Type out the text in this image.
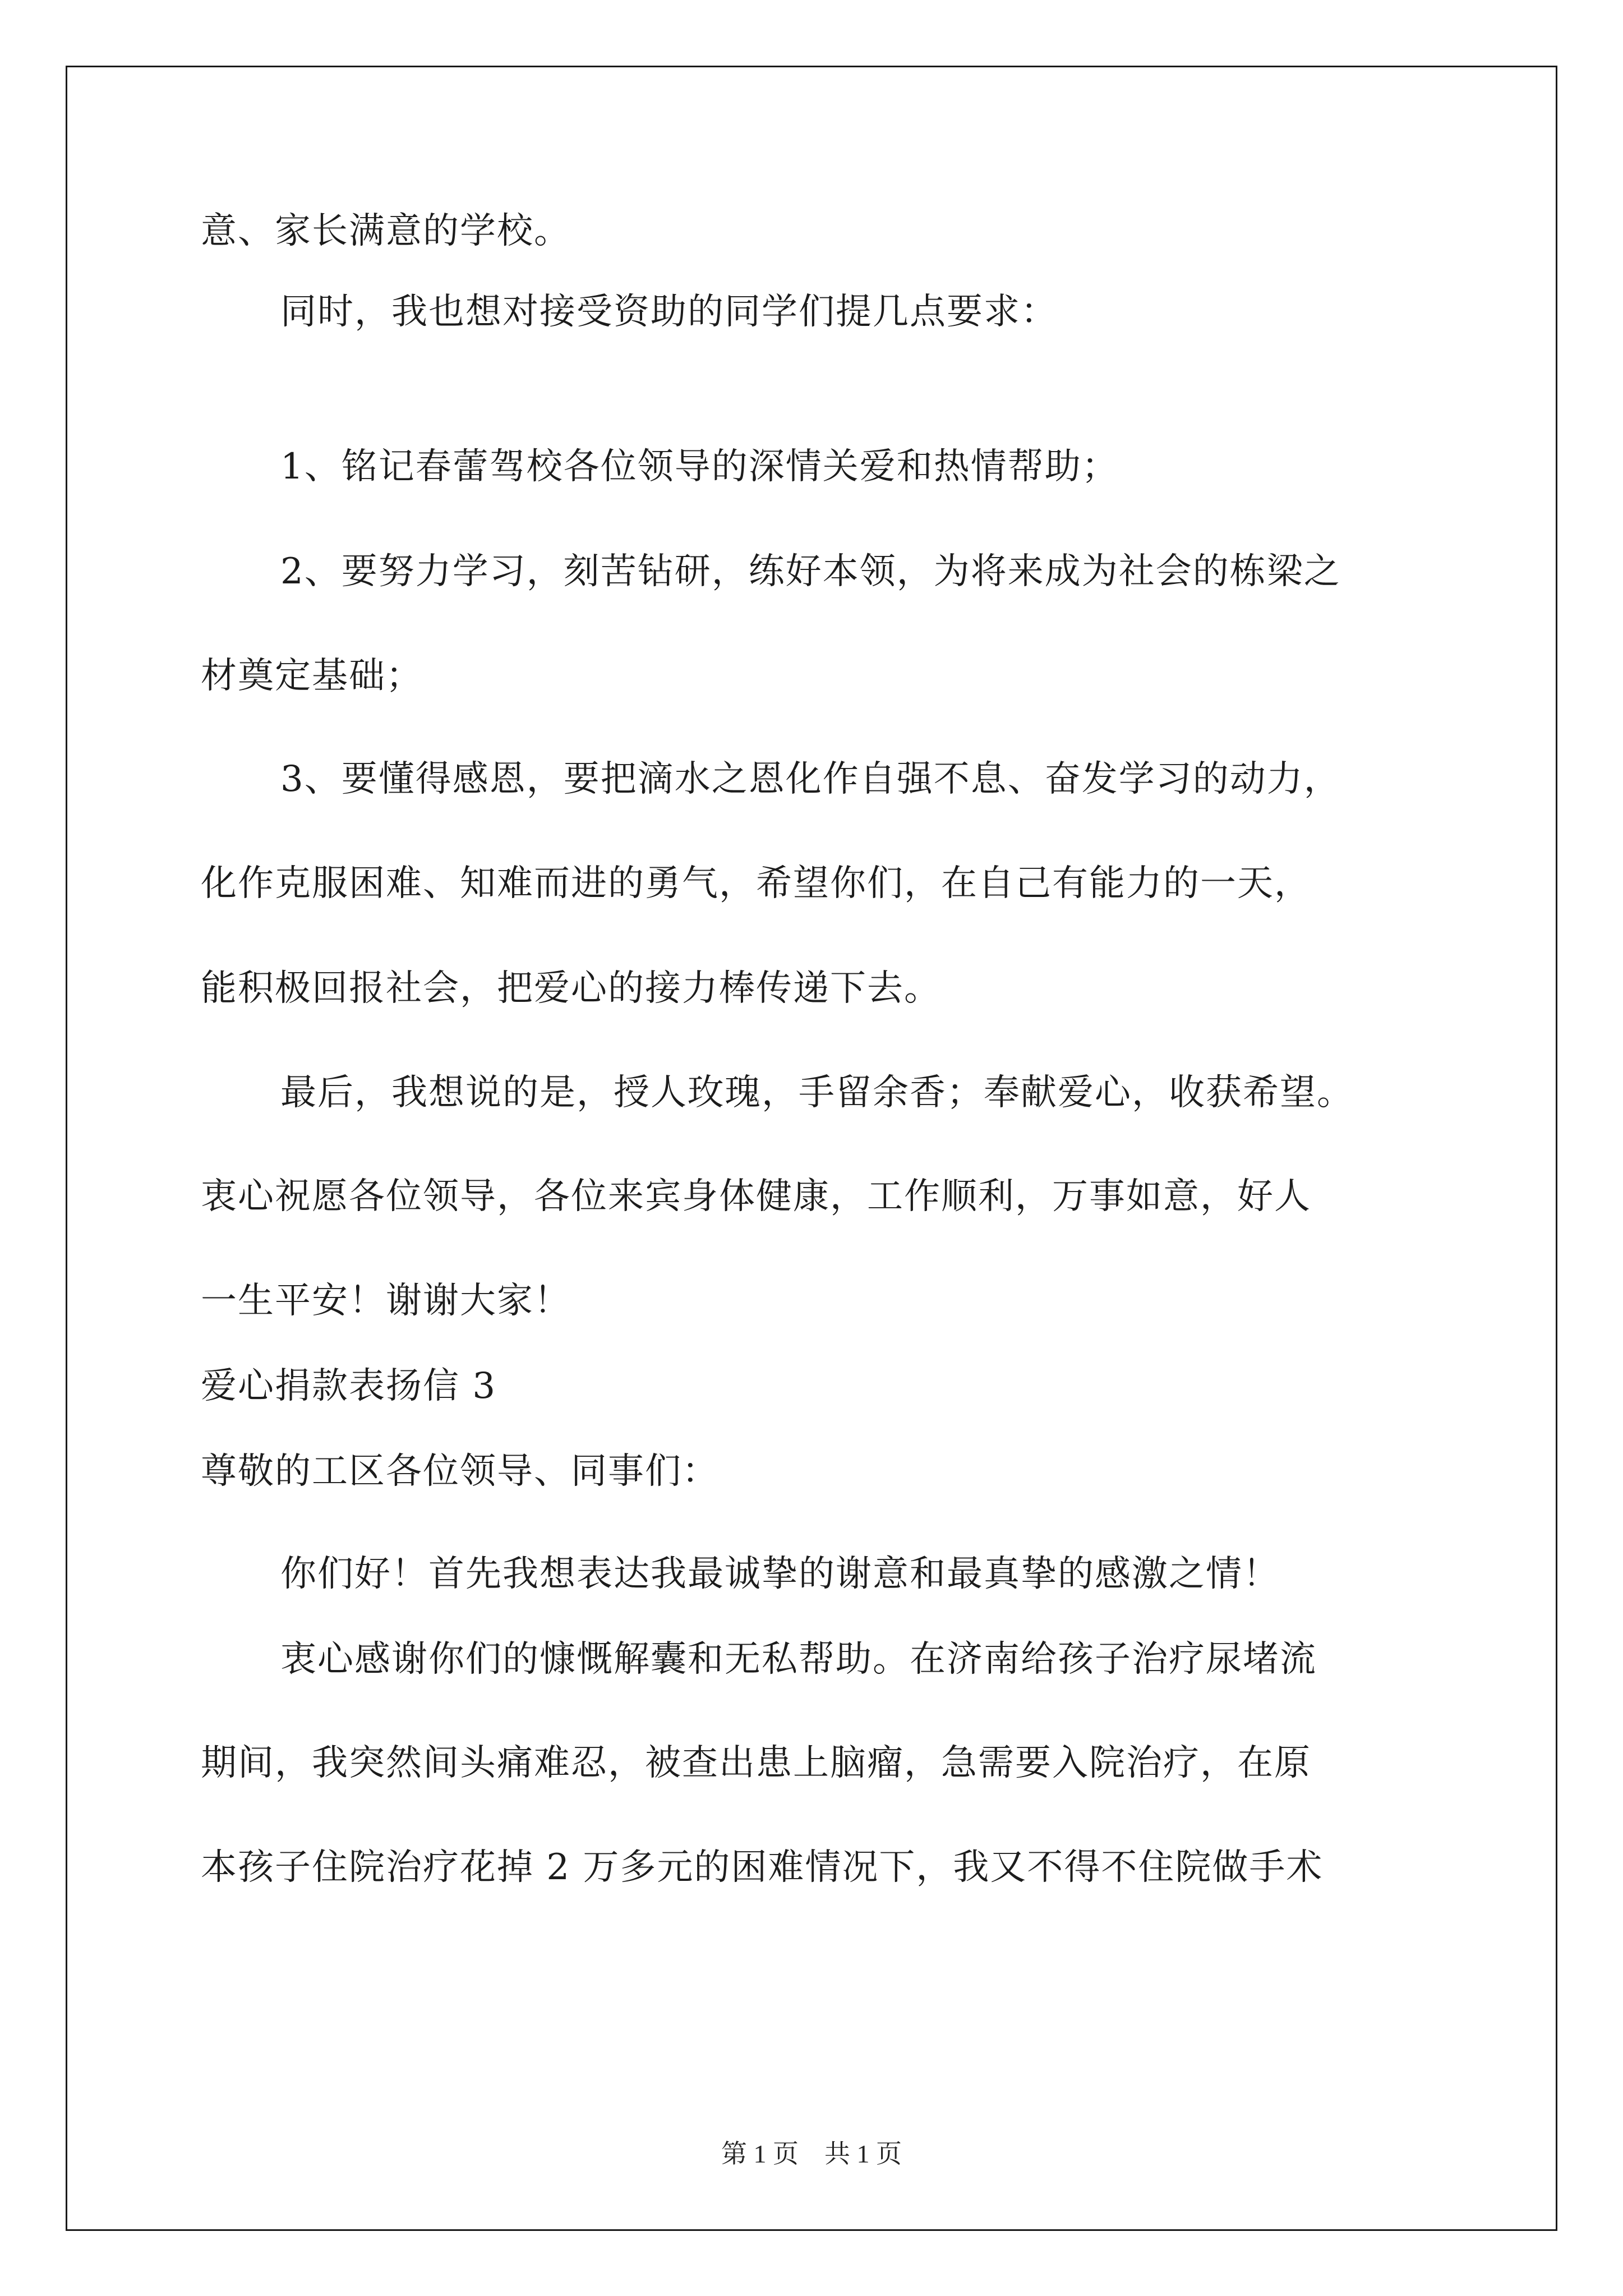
意、家长满意的学校。
同时，我也想对接受资助的同学们提几点要求：
1、铭记春蕾驾校各位领导的深情关爱和热情帮助；
2、要努力学习，刻苦钻研，练好本领，为将来成为社会的栋梁之
材奠定基础；
3、要懂得感恩，要把滴水之恩化作自强不息、奋发学习的动力，
化作克服困难、知难而进的勇气，希望你们，在自己有能力的一天，
能积极回报社会，把爱心的接力棒传递下去。
最后，我想说的是，授人玫瑰，手留余香；奉献爱心，收获希望。
衷心祝愿各位领导，各位来宾身体健康，工作顺利，万事如意，好人
一生平安！谢谢大家！
爱心捐款表扬信 3
尊敬的工区各位领导、同事们：
你们好！首先我想表达我最诚挚的谢意和最真挚的感激之情！
衷心感谢你们的慷慨解囊和无私帮助。在济南给孩子治疗尿堵流
期间，我突然间头痛难忍，被查出患上脑瘤，急需要入院治疗，在原
本孩子住院治疗花掉 2 万多元的困难情况下，我又不得不住院做手术
第 1 页    共 1 页
